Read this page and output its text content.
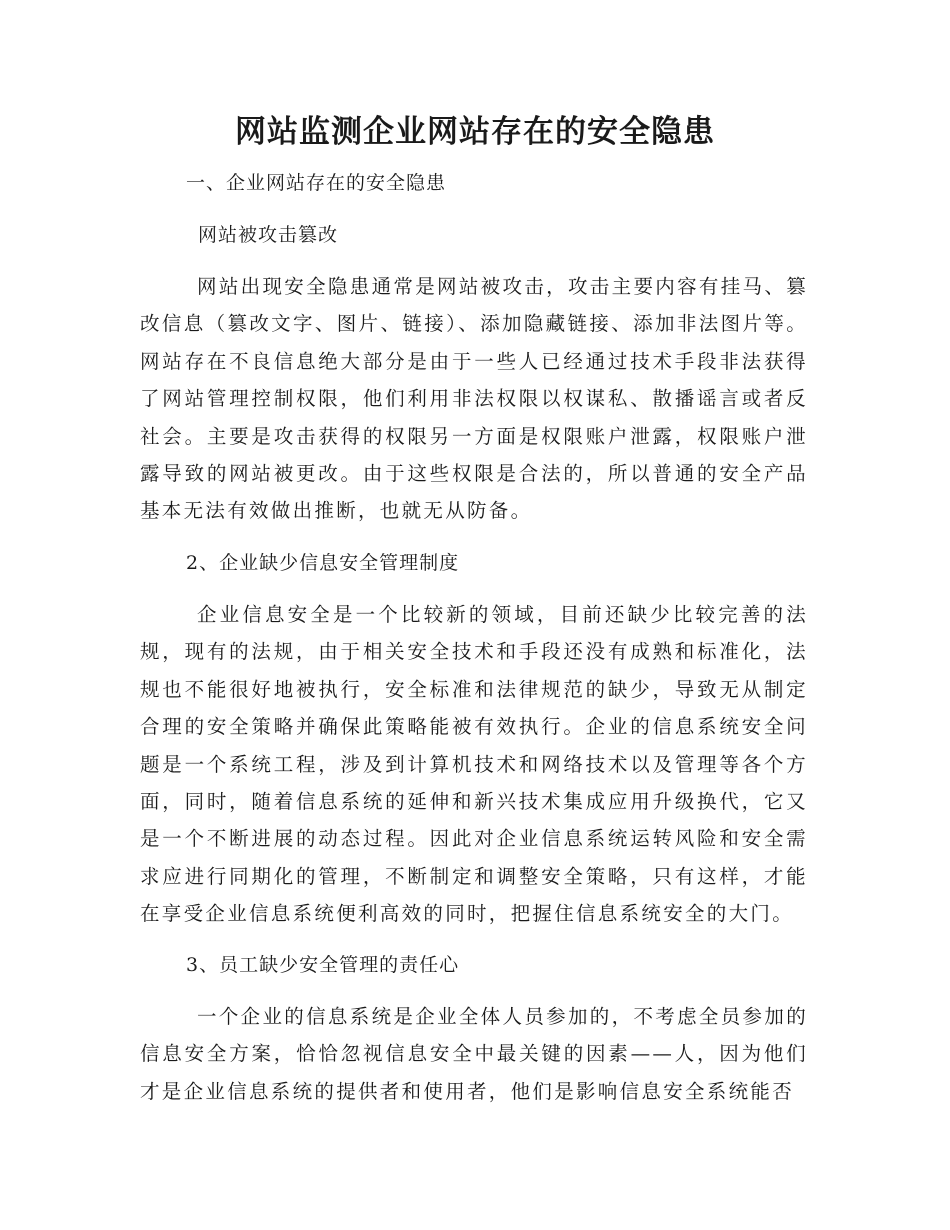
网站监测企业网站存在的安全隐患
一、企业网站存在的安全隐患
网站被攻击篡改
网站出现安全隐患通常是网站被攻击，攻击主要内容有挂马、篡改信息（篡改文字、图片、链接）、添加隐藏链接、添加非法图片等。网站存在不良信息绝大部分是由于一些人已经通过技术手段非法获得了网站管理控制权限，他们利用非法权限以权谋私、散播谣言或者反社会。主要是攻击获得的权限另一方面是权限账户泄露，权限账户泄露导致的网站被更改。由于这些权限是合法的，所以普通的安全产品基本无法有效做出推断，也就无从防备。
2、企业缺少信息安全管理制度
企业信息安全是一个比较新的领域，目前还缺少比较完善的法规，现有的法规，由于相关安全技术和手段还没有成熟和标准化，法规也不能很好地被执行，安全标准和法律规范的缺少，导致无从制定合理的安全策略并确保此策略能被有效执行。企业的信息系统安全问题是一个系统工程，涉及到计算机技术和网络技术以及管理等各个方面，同时，随着信息系统的延伸和新兴技术集成应用升级换代，它又是一个不断进展的动态过程。因此对企业信息系统运转风险和安全需求应进行同期化的管理，不断制定和调整安全策略，只有这样，才能在享受企业信息系统便利高效的同时，把握住信息系统安全的大门。
3、员工缺少安全管理的责任心
一个企业的信息系统是企业全体人员参加的，不考虑全员参加的信息安全方案，恰恰忽视信息安全中最关键的因素——人，因为他们才是企业信息系统的提供者和使用者，他们是影响信息安全系统能否
